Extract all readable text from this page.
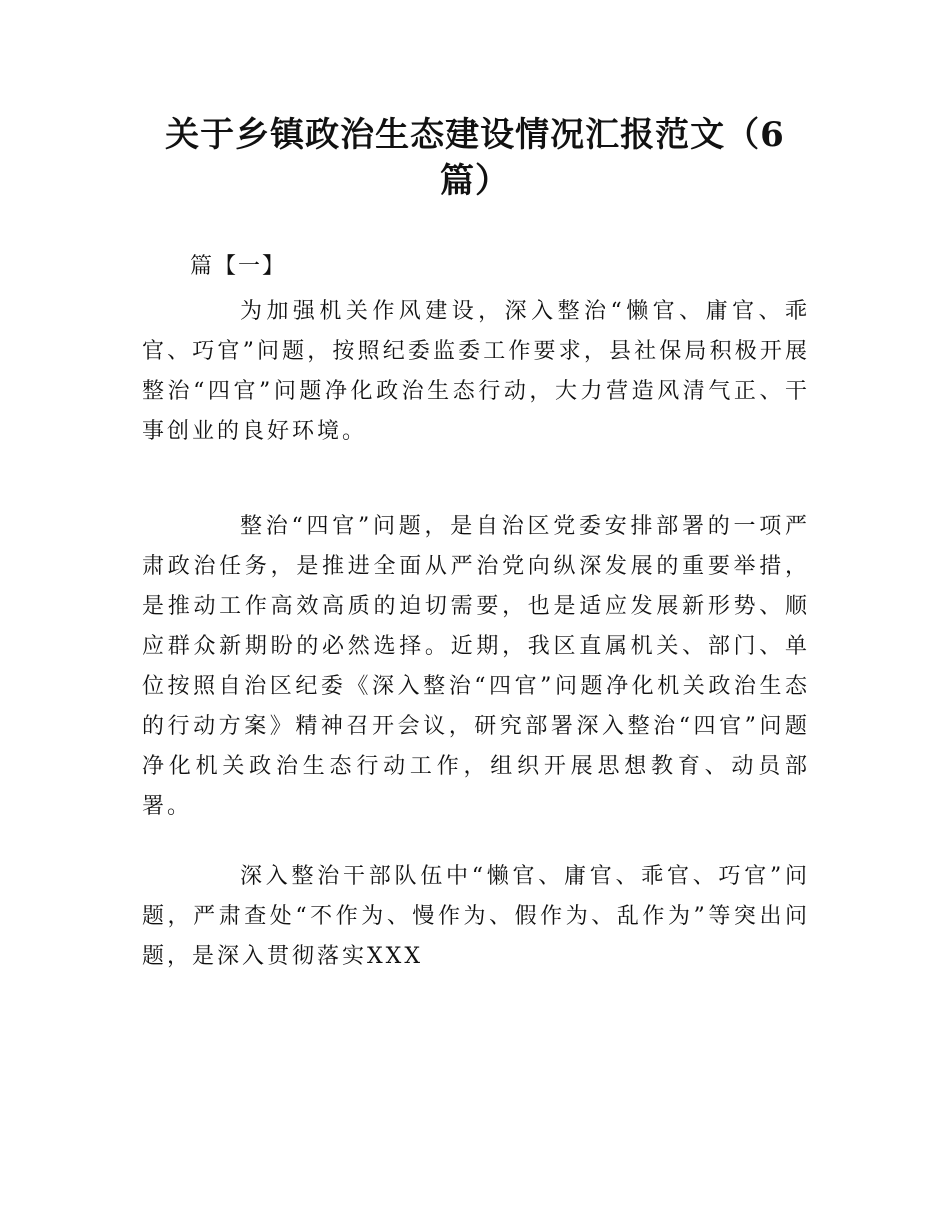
关于乡镇政治生态建设情况汇报范文（6篇）
篇【一】
为加强机关作风建设，深入整治“懒官、庸官、乖官、巧官”问题，按照纪委监委工作要求，县社保局积极开展整治“四官”问题净化政治生态行动，大力营造风清气正、干事创业的良好环境。
整治“四官”问题，是自治区党委安排部署的一项严肃政治任务，是推进全面从严治党向纵深发展的重要举措，是推动工作高效高质的迫切需要，也是适应发展新形势、顺应群众新期盼的必然选择。近期，我区直属机关、部门、单位按照自治区纪委《深入整治“四官”问题净化机关政治生态的行动方案》精神召开会议，研究部署深入整治“四官”问题净化机关政治生态行动工作，组织开展思想教育、动员部署。
深入整治干部队伍中“懒官、庸官、乖官、巧官”问题，严肃查处“不作为、慢作为、假作为、乱作为”等突出问题，是深入贯彻落实XXX
